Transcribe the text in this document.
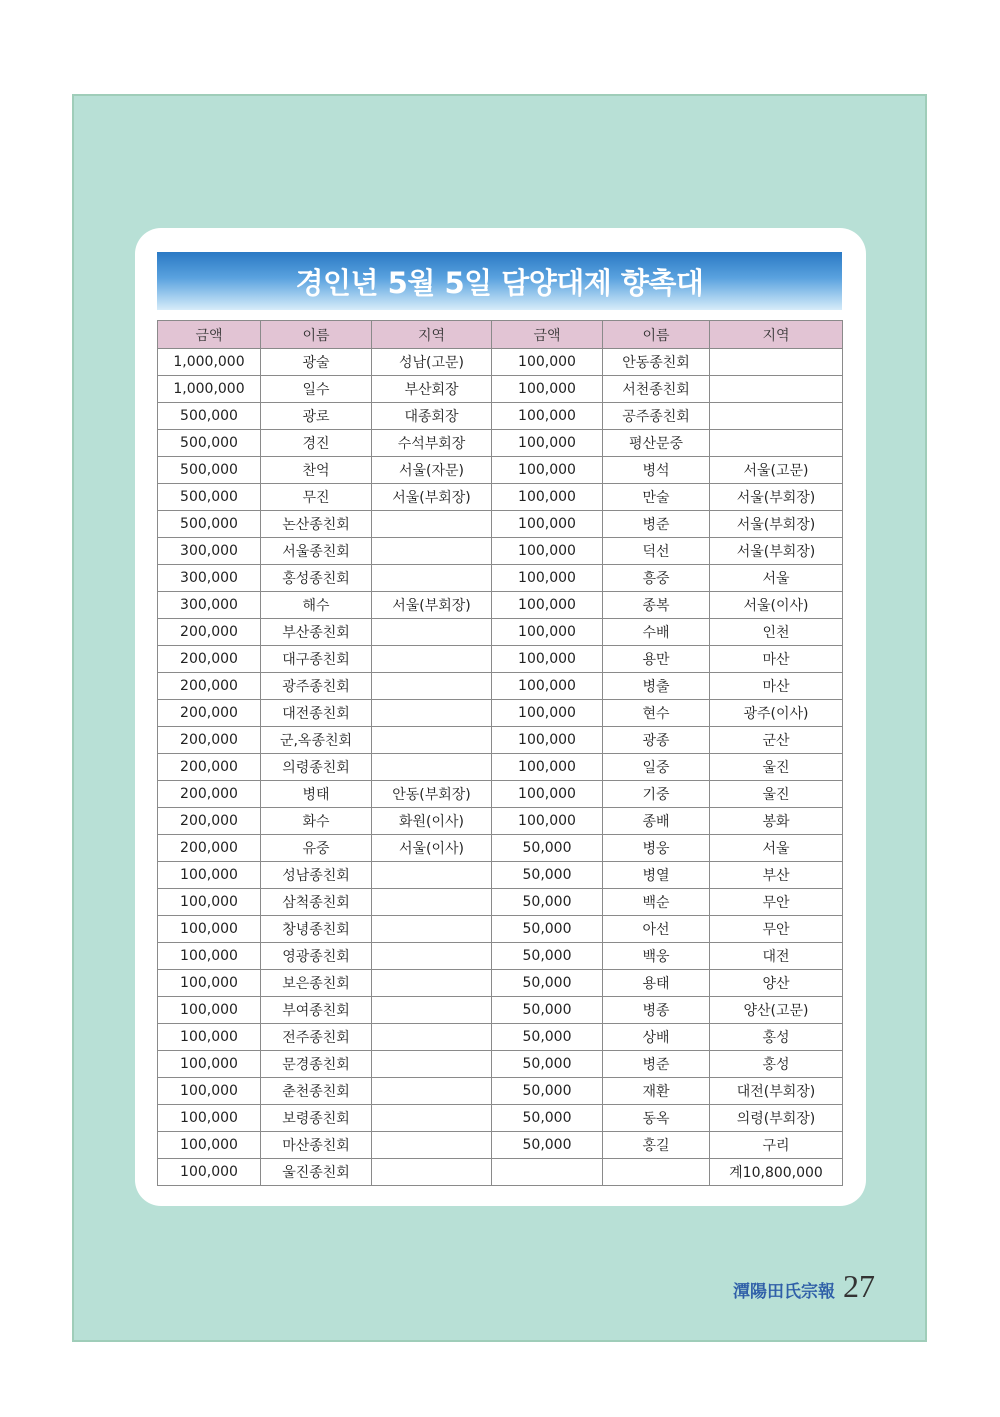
경인년 5월 5일 담양대제 향촉대
금액	이름	지역	금액	이름	지역
1,000,000	광술	성남(고문)	100,000	안동종친회	
1,000,000	일수	부산회장	100,000	서천종친회	
500,000	광로	대종회장	100,000	공주종친회	
500,000	경진	수석부회장	100,000	평산문중	
500,000	찬억	서울(자문)	100,000	병석	서울(고문)
500,000	무진	서울(부회장)	100,000	만술	서울(부회장)
500,000	논산종친회		100,000	병준	서울(부회장)
300,000	서울종친회		100,000	덕선	서울(부회장)
300,000	홍성종친회		100,000	흥중	서울
300,000	해수	서울(부회장)	100,000	종복	서울(이사)
200,000	부산종친회		100,000	수배	인천
200,000	대구종친회		100,000	용만	마산
200,000	광주종친회		100,000	병출	마산
200,000	대전종친회		100,000	현수	광주(이사)
200,000	군,옥종친회		100,000	광종	군산
200,000	의령종친회		100,000	일중	울진
200,000	병태	안동(부회장)	100,000	기중	울진
200,000	화수	화원(이사)	100,000	종배	봉화
200,000	유중	서울(이사)	50,000	병웅	서울
100,000	성남종친회		50,000	병열	부산
100,000	삼척종친회		50,000	백순	무안
100,000	창녕종친회		50,000	아선	무안
100,000	영광종친회		50,000	백웅	대전
100,000	보은종친회		50,000	용태	양산
100,000	부여종친회		50,000	병종	양산(고문)
100,000	전주종친회		50,000	상배	홍성
100,000	문경종친회		50,000	병준	홍성
100,000	춘천종친회		50,000	재환	대전(부회장)
100,000	보령종친회		50,000	동옥	의령(부회장)
100,000	마산종친회		50,000	홍길	구리
100,000	울진종친회				계10,800,000
潭陽田氏宗報 27
